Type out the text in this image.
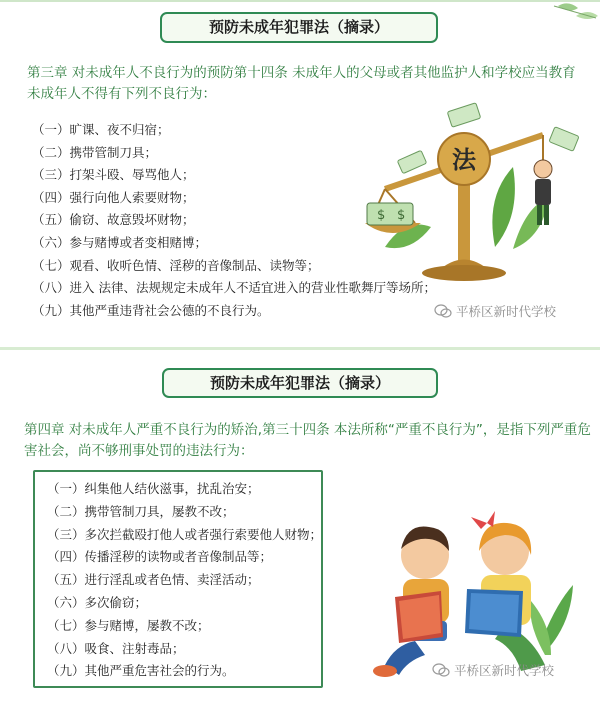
预防未成年犯罪法（摘录）

第三章 对未成年人不良行为的预防第十四条 未成年人的父母或者其他监护人和学校应当教育未成年人不得有下列不良行为：

法
$ $
（一）旷课、夜不归宿；
（二）携带管制刀具；
（三）打架斗殴、辱骂他人；
（四）强行向他人索要财物；
（五）偷窃、故意毁坏财物；
（六）参与赌博或者变相赌博；
（七）观看、收听色情、淫秽的音像制品、读物等；
（八）进入 法律、法规规定未成年人不适宜进入的营业性歌舞厅等场所；
（九）其他严重违背社会公德的不良行为。	平桥区新时代学校
预防未成年犯罪法（摘录）

第四章 对未成年人严重不良行为的矫治,第三十四条 本法所称“严重不良行为”，是指下列严重危害社会，尚不够刑事处罚的违法行为：

（一）纠集他人结伙滋事，扰乱治安；
（二）携带管制刀具，屡教不改；
（三）多次拦截殴打他人或者强行索要他人财物；
（四）传播淫秽的读物或者音像制品等；
（五）进行淫乱或者色情、卖淫活动；
（六）多次偷窃；
（七）参与赌博，屡教不改；
（八）吸食、注射毒品；
（九）其他严重危害社会的行为。	平桥区新时代学校
